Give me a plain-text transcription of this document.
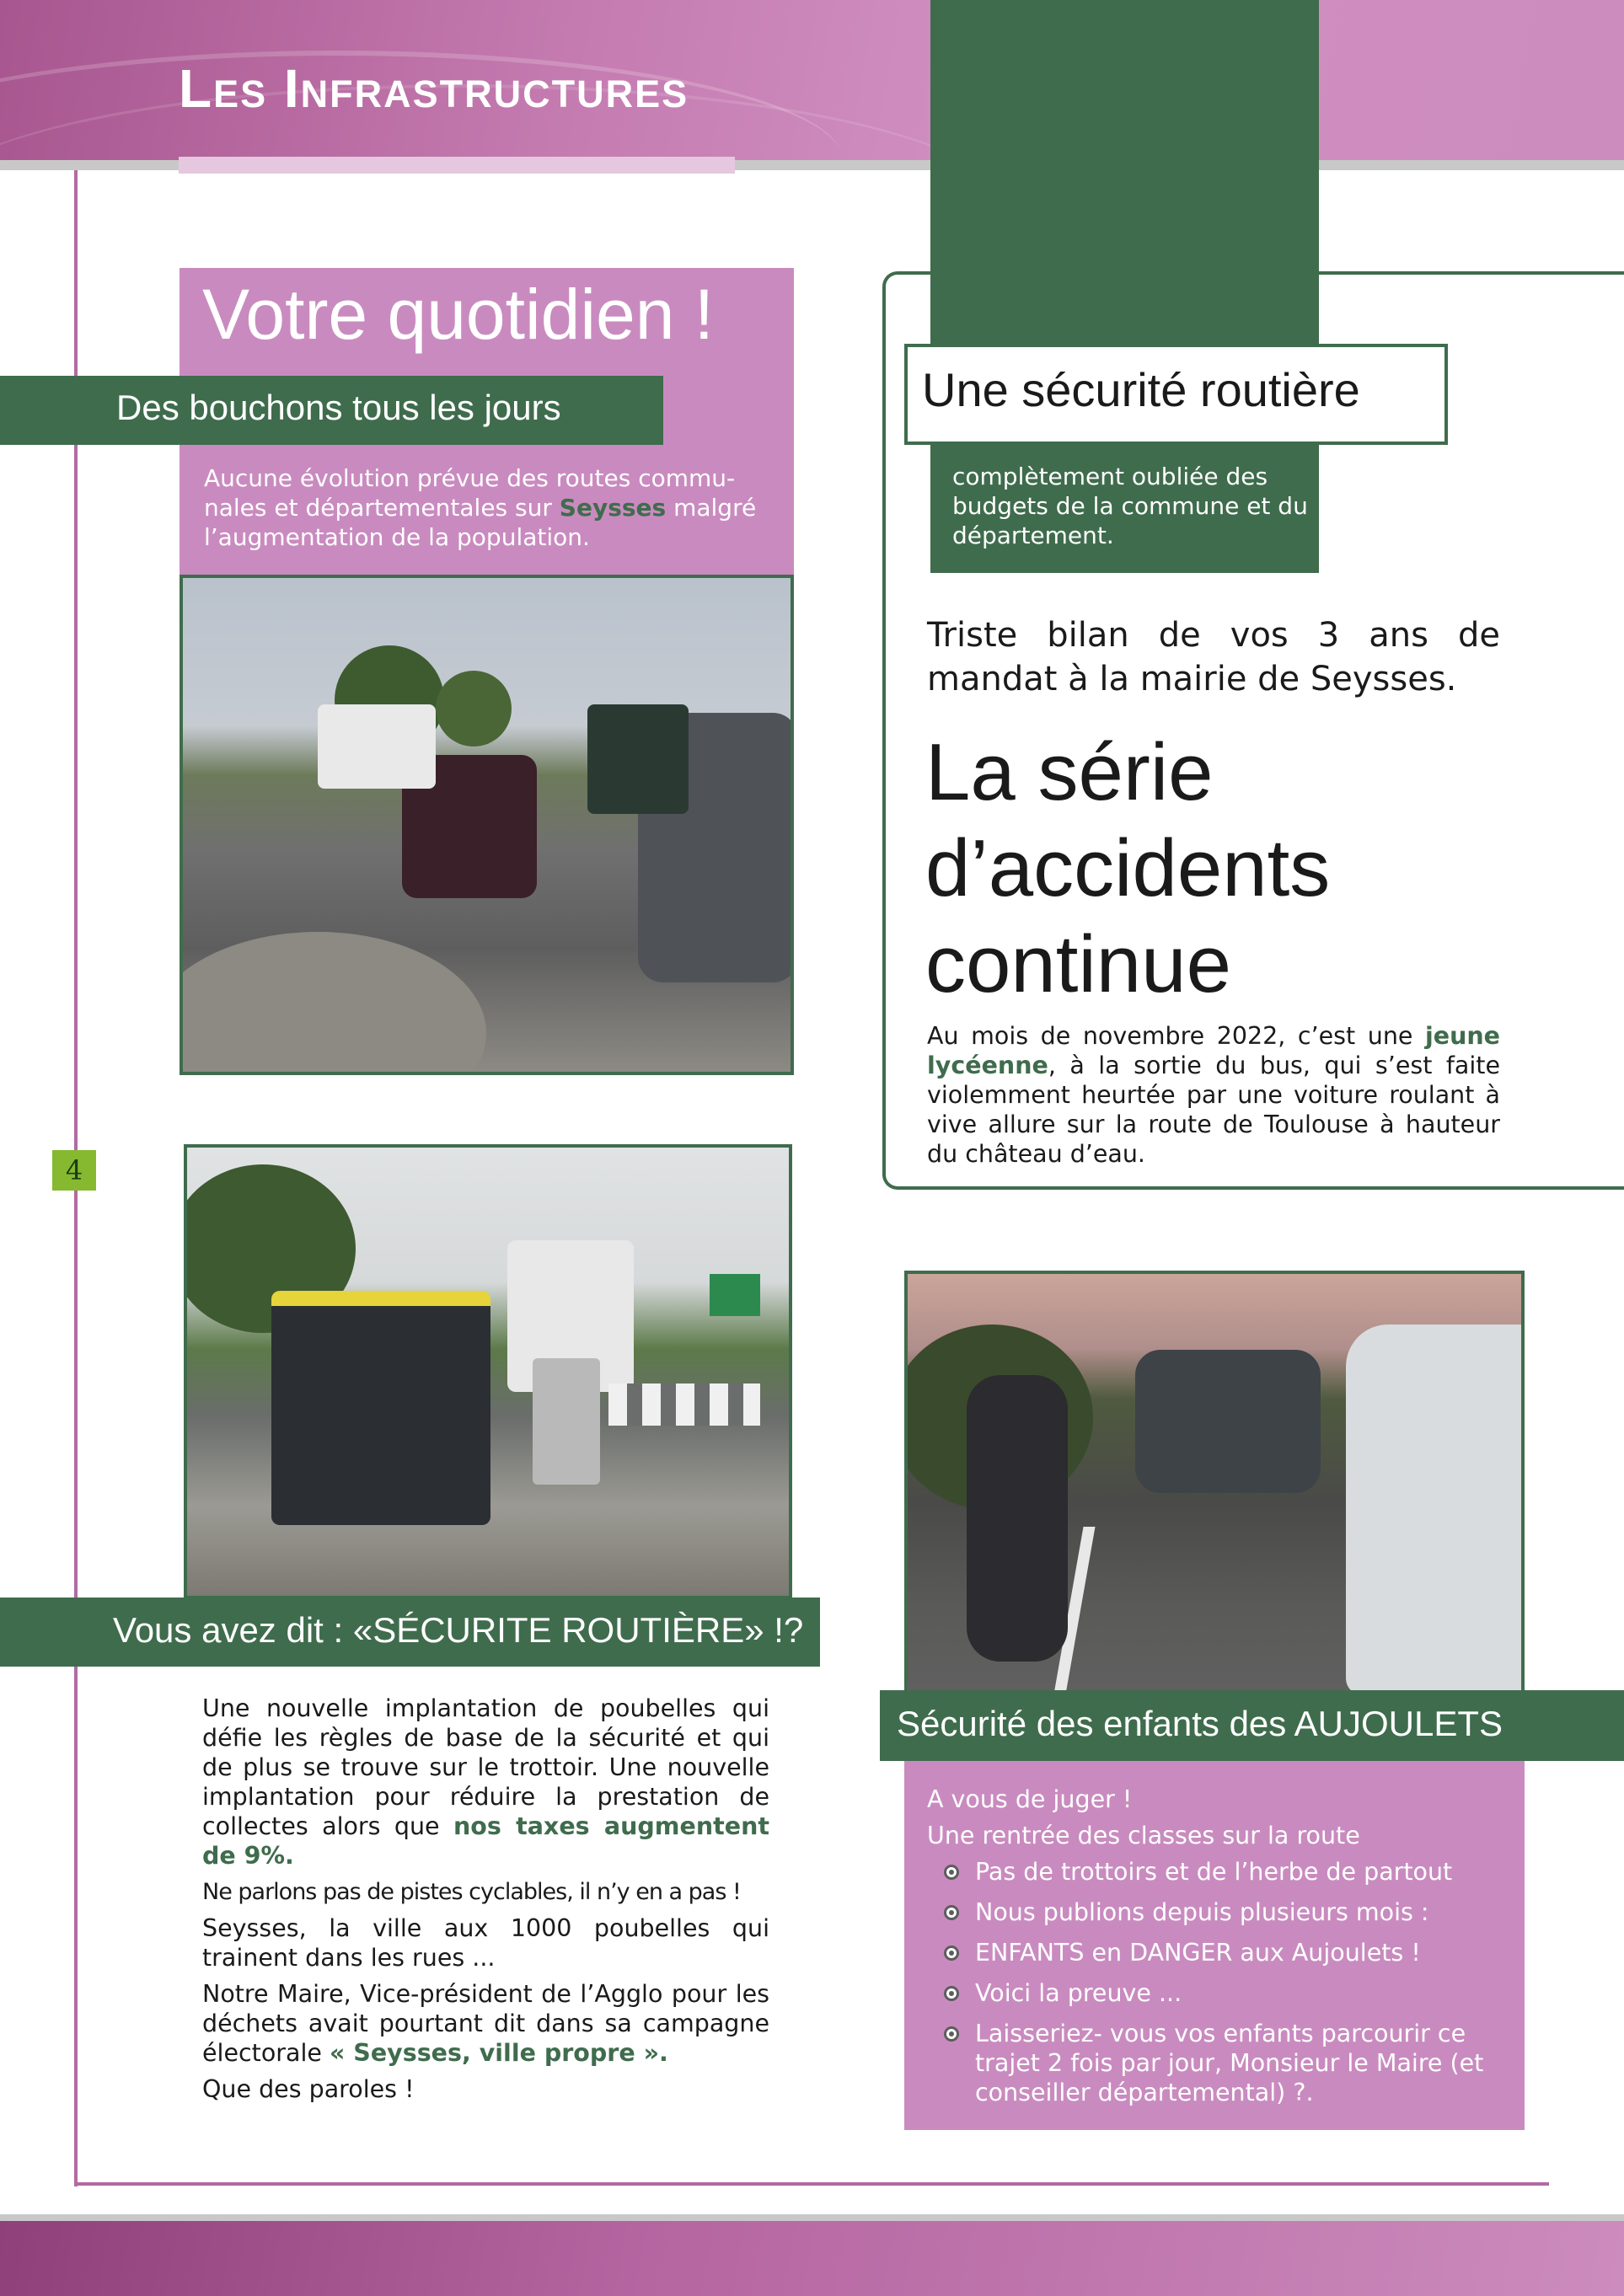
Les Infrastructures
4
Votre quotidien !
Des bouchons tous les jours
Aucune évolution prévue des routes commu-nales et départementales sur Seysses malgré l’augmentation de la population.
Vous avez dit : «SÉCURITE ROUTIÈRE» !?

Une nouvelle implantation de poubelles qui défie les règles de base de la sécurité et qui de plus se trouve sur le trottoir. Une nouvelle implantation pour réduire la prestation de collectes alors que nos taxes augmentent de 9%.

Ne parlons pas de pistes cyclables, il n’y en a pas !

Seysses, la ville aux 1000 poubelles qui trainent dans les rues ...

Notre Maire, Vice-président de l’Agglo pour les déchets avait pourtant dit dans sa campagne électorale « Seysses, ville propre ».

Que des paroles !

Une sécurité routière
complètement oubliée des budgets de la commune et du département.
Triste bilan de vos 3 ans de mandat à la mairie de Seysses.
La série d’accidents continue
Au mois de novembre 2022, c’est une jeune lycéenne, à la sortie du bus, qui s’est faite violemment heurtée par une voiture roulant à vive allure sur la route de Toulouse à hauteur du château d’eau.
Sécurité des enfants des AUJOULETS
A vous de juger !
Une rentrée des classes sur la route
Pas de trottoirs et de l’herbe de partout
Nous publions depuis plusieurs mois :
ENFANTS en DANGER aux Aujoulets !
Voici la preuve ...
Laisseriez- vous vos enfants parcourir ce trajet 2 fois par jour, Monsieur le Maire (et conseiller départemental) ?.
